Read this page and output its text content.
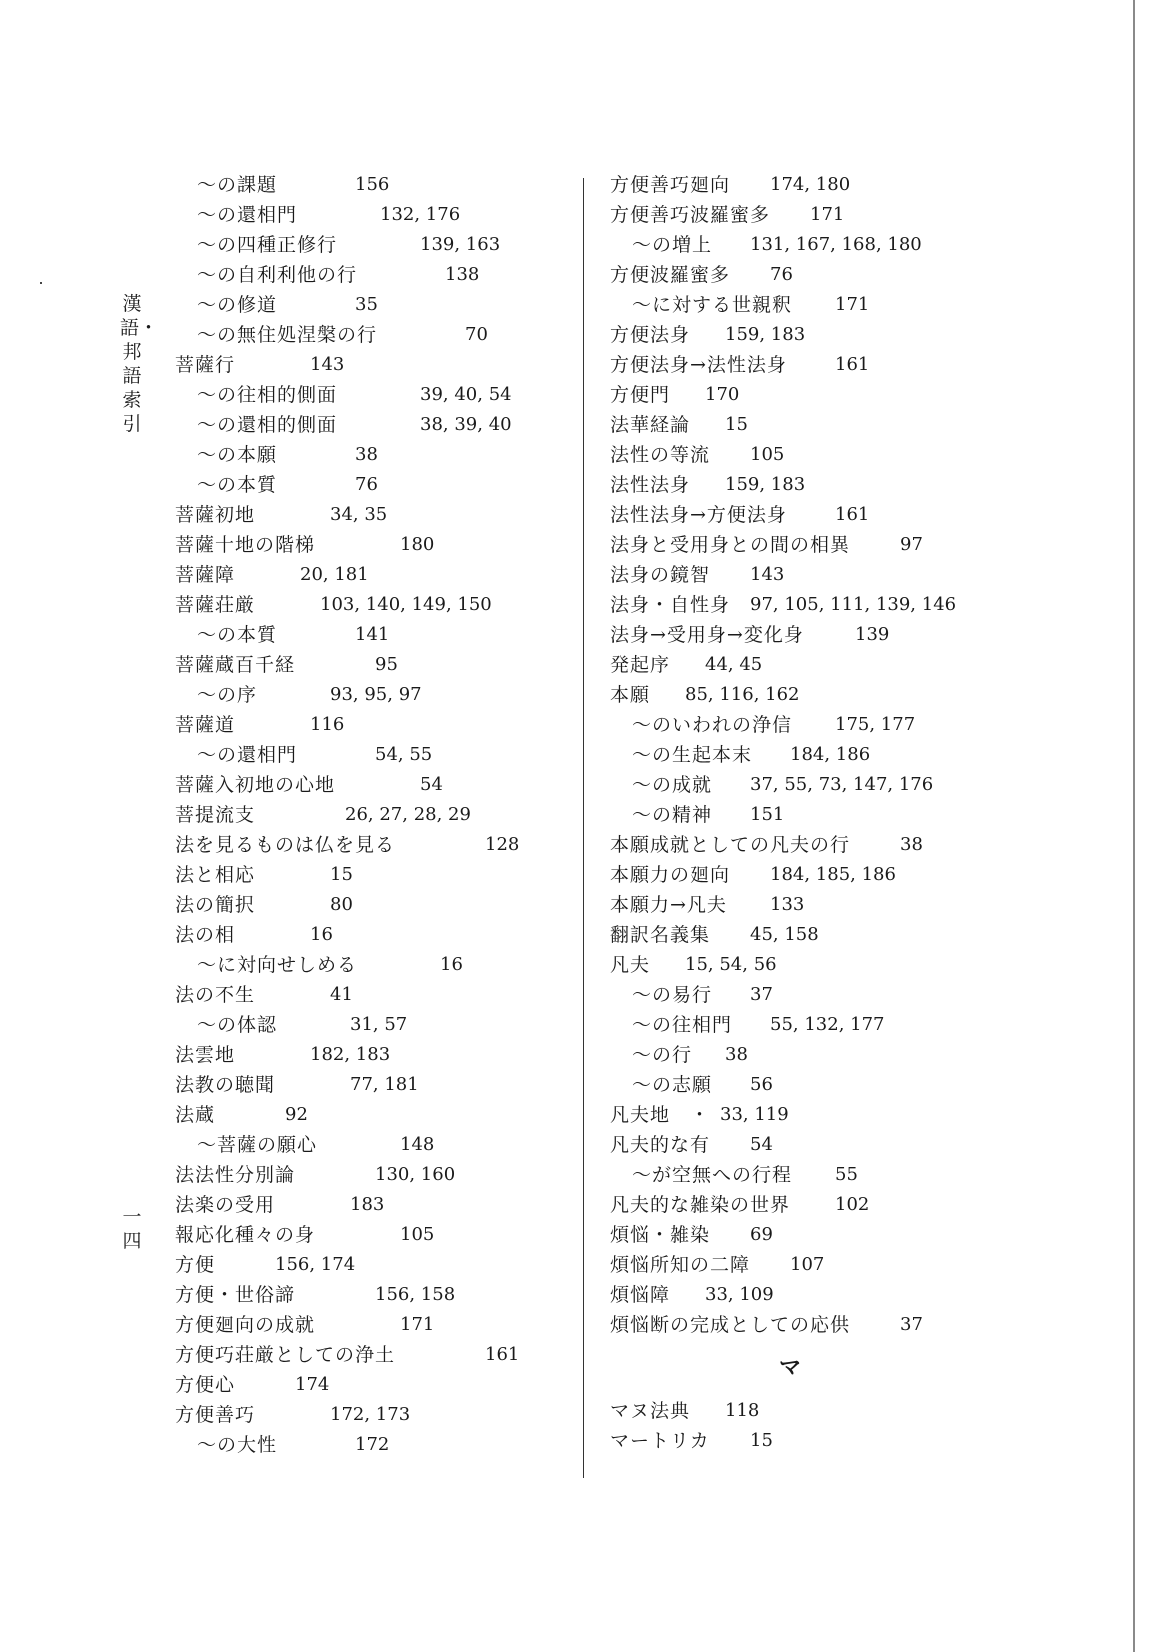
漢語・邦語索引
一四
～の課題	156
～の還相門	132, 176
～の四種正修行	139, 163
～の自利利他の行	138
～の修道	35
～の無住処涅槃の行	70
菩薩行	143
～の往相的側面	39, 40, 54
～の還相的側面	38, 39, 40
～の本願	38
～の本質	76
菩薩初地	34, 35
菩薩十地の階梯	180
菩薩障	20, 181
菩薩荘厳	103, 140, 149, 150
～の本質	141
菩薩蔵百千経	95
～の序	93, 95, 97
菩薩道	116
～の還相門	54, 55
菩薩入初地の心地	54
菩提流支	26, 27, 28, 29
法を見るものは仏を見る	128
法と相応	15
法の簡択	80
法の相	16
～に対向せしめる	16
法の不生	41
～の体認	31, 57
法雲地	182, 183
法教の聴聞	77, 181
法蔵	92
～菩薩の願心	148
法法性分別論	130, 160
法楽の受用	183
報応化種々の身	105
方便	156, 174
方便・世俗諦	156, 158
方便廻向の成就	171
方便巧荘厳としての浄土	161
方便心	174
方便善巧	172, 173
～の大性	172
方便善巧廻向 174, 180
方便善巧波羅蜜多 171
～の増上 131, 167, 168, 180
方便波羅蜜多 76
～に対する世親釈 171
方便法身 159, 183
方便法身→法性法身	161
方便門 170
法華経論 15
法性の等流 105
法性法身 159, 183
法性法身→方便法身	161
法身と受用身との間の相異	97
法身の鏡智 143
法身・自性身 97, 105, 111, 139, 146
法身→受用身→変化身	139
発起序 44, 45
本願 85, 116, 162
～のいわれの浄信 175, 177
～の生起本末 184, 186
～の成就 37, 55, 73, 147, 176
～の精神 151
本願成就としての凡夫の行	38
本願力の廻向 184, 185, 186
本願力→凡夫 133
翻訳名義集 45, 158
凡夫 15, 54, 56
～の易行 37
～の往相門 55, 132, 177
～の行 38
～の志願 56
凡夫地　・ 33, 119
凡夫的な有 54
～が空無への行程 55
凡夫的な雑染の世界 102
煩悩・雑染 69
煩悩所知の二障 107
煩悩障 33, 109
煩悩断の完成としての応供	37
マ
マヌ法典 118
マートリカ 15
